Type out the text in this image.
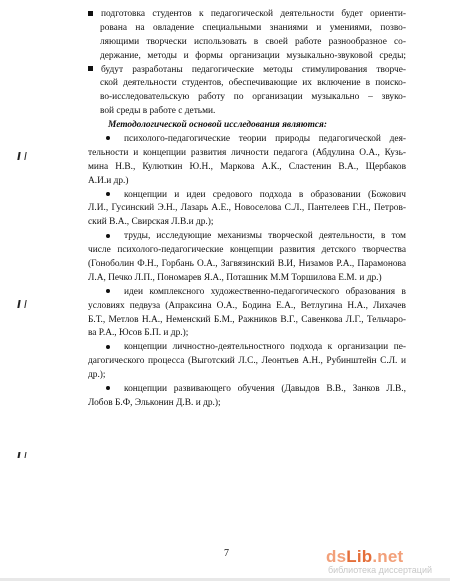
подготовка студентов к педагогической деятельности будет ориенти-
рована на овладение специальными знаниями и умениями, позво-
ляющими творчески использовать в своей работе разнообразное со-
держание, методы и формы организации музыкально-звуковой среды;
будут разработаны педагогические методы стимулирования творче-
ской деятельности студентов, обеспечивающие их включение в поиско-
во-исследовательскую работу по организации музыкально – звуко-
вой среды в работе с детьми.
Методологической основой исследования являются:
психолого-педагогические теории природы педагогической дея-
тельности и концепции развития личности педагога (Абдулина О.А., Кузь-
мина Н.В., Кулюткин Ю.Н., Маркова А.К., Сластенин В.А., Щербаков
А.И.и др.)
концепции и идеи средового подхода в образовании (Божович
Л.И., Гусинский Э.Н., Лазарь А.Е., Новоселова С.Л., Пантелеев Г.Н., Петров-
ский В.А., Свирская Л.В.и др.);
труды, исследующие механизмы творческой деятельности, в том
числе психолого-педагогические концепции развития детского творчества
(Гоноболин Ф.Н., Горбань О.А., Загвязинский В.И, Низамов Р.А., Парамонова
Л.А, Печко Л.П., Пономарев Я.А., Поташник М.М Торшилова Е.М. и др.)
идеи комплексного художественно-педагогического образования в
условиях педвуза (Апраксина О.А., Бодина Е.А., Ветлугина Н.А., Лихачев
Б.Т., Метлов Н.А., Неменский Б.М., Ражников В.Г., Савенкова Л.Г., Тельчаро-
ва Р.А., Юсов Б.П. и др.);
концепции личностно-деятельностного подхода к организации пе-
дагогического процесса (Выготский Л.С., Леонтьев А.Н., Рубинштейн С.Л. и
др.);
концепции развивающего обучения (Давыдов В.В., Занков Л.В.,
Лобов Б.Ф, Эльконин Д.В. и др.);
7	dsLib.net
библиотека диссертаций
